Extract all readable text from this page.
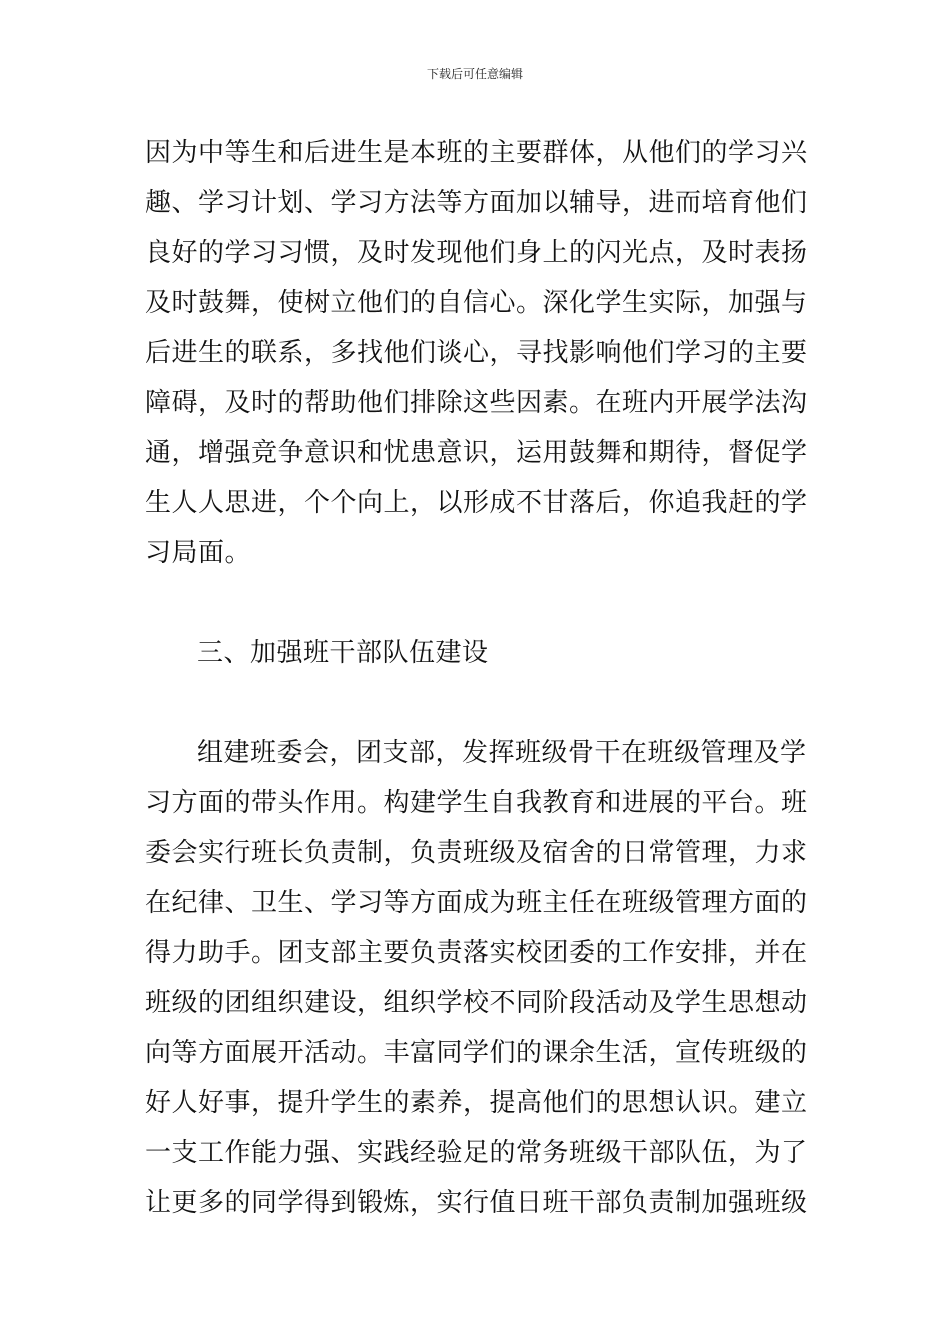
下载后可任意编辑
因为中等生和后进生是本班的主要群体，从他们的学习兴
趣、学习计划、学习方法等方面加以辅导，进而培育他们
良好的学习习惯，及时发现他们身上的闪光点，及时表扬
及时鼓舞，使树立他们的自信心。深化学生实际，加强与
后进生的联系，多找他们谈心，寻找影响他们学习的主要
障碍，及时的帮助他们排除这些因素。在班内开展学法沟
通，增强竞争意识和忧患意识，运用鼓舞和期待，督促学
生人人思进，个个向上，以形成不甘落后，你追我赶的学
习局面。
三、加强班干部队伍建设
组建班委会，团支部，发挥班级骨干在班级管理及学
习方面的带头作用。构建学生自我教育和进展的平台。班
委会实行班长负责制，负责班级及宿舍的日常管理，力求
在纪律、卫生、学习等方面成为班主任在班级管理方面的
得力助手。团支部主要负责落实校团委的工作安排，并在
班级的团组织建设，组织学校不同阶段活动及学生思想动
向等方面展开活动。丰富同学们的课余生活，宣传班级的
好人好事，提升学生的素养，提高他们的思想认识。建立
一支工作能力强、实践经验足的常务班级干部队伍，为了
让更多的同学得到锻炼，实行值日班干部负责制加强班级
